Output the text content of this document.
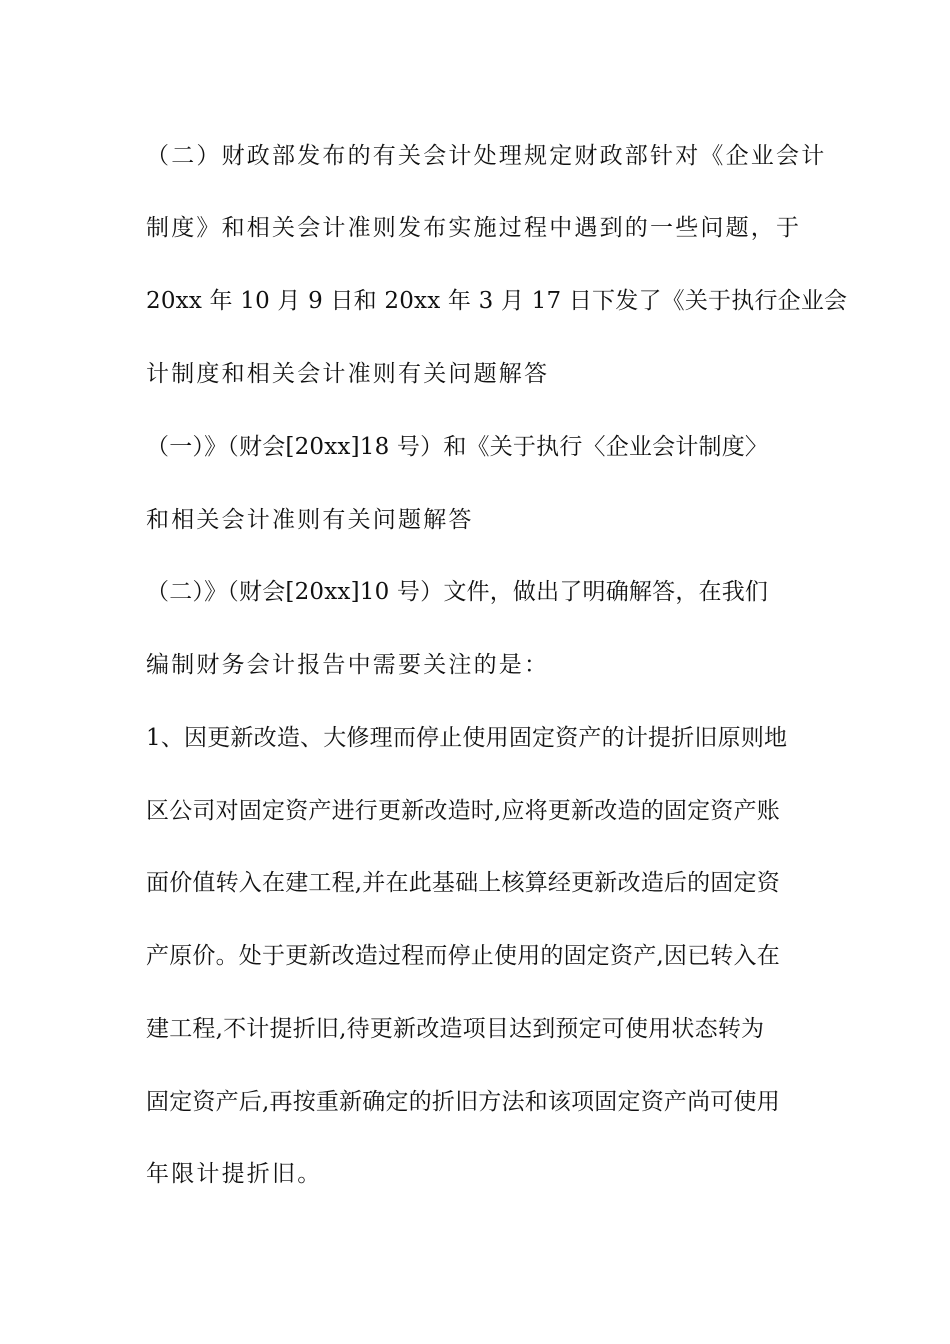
（二）财政部发布的有关会计处理规定财政部针对《企业会计
制度》和相关会计准则发布实施过程中遇到的一些问题，于
20xx 年 10 月 9 日和 20xx 年 3 月 17 日下发了《关于执行企业会
计制度和相关会计准则有关问题解答
（一）》（财会[20xx]18 号）和《关于执行〈企业会计制度〉
和相关会计准则有关问题解答
（二）》（财会[20xx]10 号）文件，做出了明确解答，在我们
编制财务会计报告中需要关注的是：
1、因更新改造、大修理而停止使用固定资产的计提折旧原则地
区公司对固定资产进行更新改造时,应将更新改造的固定资产账
面价值转入在建工程,并在此基础上核算经更新改造后的固定资
产原价。处于更新改造过程而停止使用的固定资产,因已转入在
建工程,不计提折旧,待更新改造项目达到预定可使用状态转为
固定资产后,再按重新确定的折旧方法和该项固定资产尚可使用
年限计提折旧。
